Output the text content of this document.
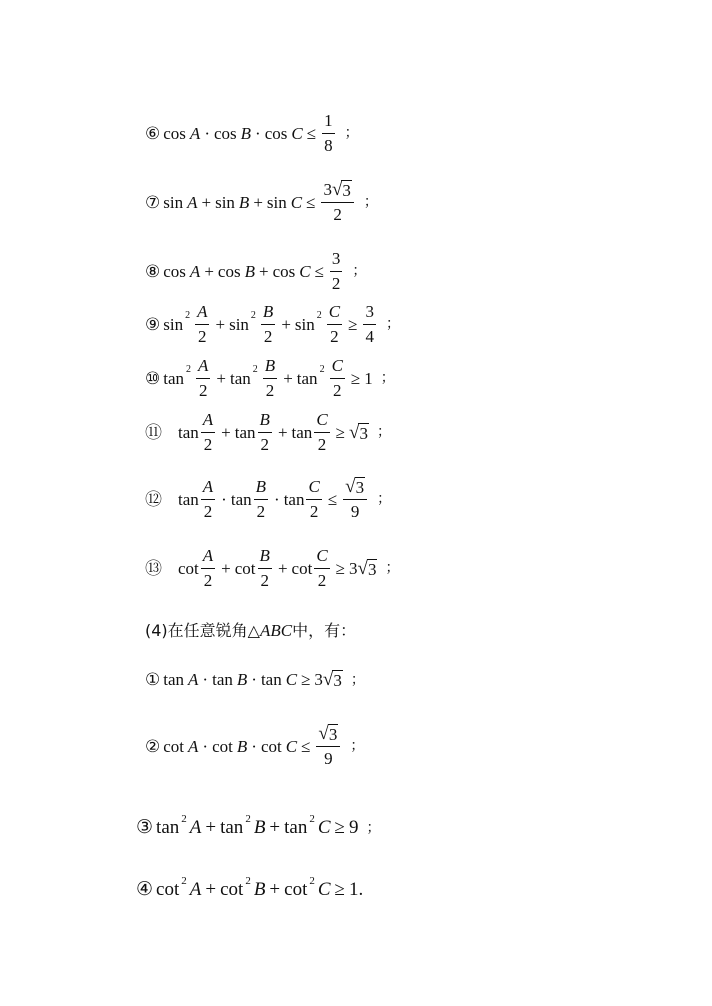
⑥ $\cos A \cdot \cos B \cdot \cos C \le \frac{1}{8}$ ；
⑦ $\sin A + \sin B + \sin C \le \frac{3 √ 3}{2}$ ；
⑧ $\cos A + \cos B + \cos C \le \frac{3}{2}$ ；
⑨ $\sin 2 \frac{A}{2} + \sin 2 \frac{B}{2} + \sin 2 \frac{C}{2} \ge \frac{3}{4}$ ；
⑩ $\tan 2 \frac{A}{2} + \tan 2 \frac{B}{2} + \tan 2 \frac{C}{2} \ge 1$ ；
⑪ $\tan \frac{A}{2} + \tan \frac{B}{2} + \tan \frac{C}{2}$ ≥ √ 3 ；
⑫ $\tan \frac{A}{2} \cdot \tan \frac{B}{2} \cdot \tan \frac{C}{2} \le \frac{√ 3}{9}$ ；
⑬ $\cot \frac{A}{2} + \cot \frac{B}{2} + \cot \frac{C}{2} \ge 3$ √ 3 ；
(4)在任意锐角△ ABC 中，有：
① tan A · tan B · tan C ≥ 3 √ 3 ；
② $\cot A \cdot \cot B \cdot \cot C \le \frac{√ 3}{9}$ ；
③ tan 2 A + tan 2 B + tan 2 C ≥ 9 ；
④ cot 2 A + cot 2 B + cot 2 C ≥ 1 .
